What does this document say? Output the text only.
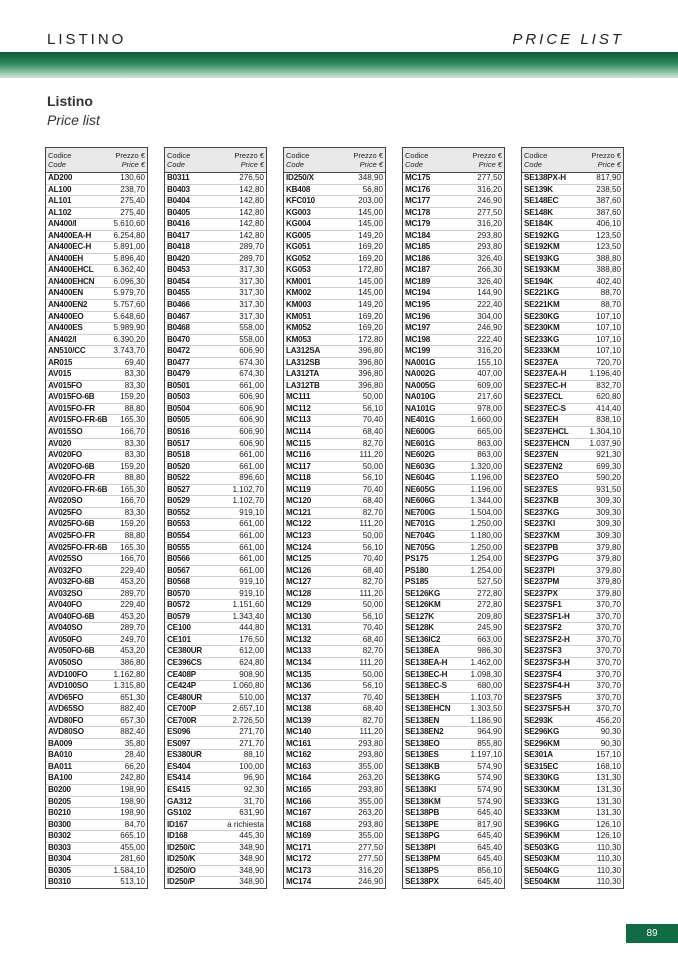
LISTINO	PRICE LIST
Listino
Price list
Codice
Code
Prezzo €
Price €
AD200	130,60
AL100	238,70
AL101	275,40
AL102	275,40
AN400/I	5.610,60
AN400EA-H	6.254,80
AN400EC-H	5.891,00
AN400EH	5.896,40
AN400EHCL 6.362,40
AN400EHCN 6.096,30
AN400EN	5.979,70
AN400EN2	5.757,60
AN400EO	5.648,60
AN400ES	5.989,90
AN402/I	6.390,20
AN510/CC	3.743,70
AR015	69,40
AV015	83,30
AV015FO	83,30
AV015FO-6B	159,20
AV015FO-FR	88,80
AV015FO-FR-6B 165,30
AV015SO	166,70
AV020	83,30
AV020FO	83,30
AV020FO-6B	159,20
AV020FO-FR	88,80
AV020FO-FR-6B 165,30
AV020SO	166,70
AV025FO	83,30
AV025FO-6B	159,20
AV025FO-FR	88,80
AV025FO-FR-6B 165,30
AV025SO	166,70
AV032FO	229,40
AV032FO-6B	453,20
AV032SO	289,70
AV040FO	229,40
AV040FO-6B	453,20
AV040SO	289,70
AV050FO	249,70
AV050FO-6B	453,20
AV050SO	386,80
AVD100FO	1.162,80
AVD100SO	1.315,80
AVD65FO	651,30
AVD65SO	882,40
AVD80FO	657,30
AVD80SO	882,40
BA009	35,80
BA010	28,40
BA011	66,20
BA100	242,80
B0200	198,90
B0205	198,90
B0210	198,90
B0300	84,70
B0302	665,10
B0303	455,00
B0304	281,60
B0305	1.584,10
B0310	513,10
Codice
Code
Prezzo €
Price €
B0311	276,50
B0403	142,80
B0404	142,80
B0405	142,80
B0416	142,80
B0417	142,80
B0418	289,70
B0420	289,70
B0453	317,30
B0454	317,30
B0455	317,30
B0466	317,30
B0467	317,30
B0468	558,00
B0470	558,00
B0472	606,90
B0477	674,30
B0479	674,30
B0501	661,00
B0503	606,90
B0504	606,90
B0505	606,90
B0516	606,90
B0517	606,90
B0518	661,00
B0520	661,00
B0522	896,60
B0527	1.102,70
B0529	1.102,70
B0552	919,10
B0553	661,00
B0554	661,00
B0555	661,00
B0566	661,00
B0567	661,00
B0568	919,10
B0570	919,10
B0572	1.151,60
B0579	1.343,40
CE100	444,80
CE101	176,50
CE380UR	612,00
CE396CS	624,80
CE408P	908,90
CE424P	1.060,80
CE480UR	510,00
CE700P	2.657,10
CE700R	2.726,50
ES096	271,70
ES097	271,70
ES380UR	88,10
ES404	100,00
ES414	96,90
ES415	92,30
GA312	31,70
GS102	631,90
ID167	a richiesta
ID168	445,30
ID250/C	348,90
ID250/K	348,90
ID250/O	348,90
ID250/P	348,90
Codice
Code
Prezzo €
Price €
ID250/X	348,90
KB408	56,80
KFC010	203,00
KG003	145,00
KG004	145,00
KG005	149,20
KG051	169,20
KG052	169,20
KG053	172,80
KM001	145,00
KM002	145,00
KM003	149,20
KM051	169,20
KM052	169,20
KM053	172,80
LA312SA	396,80
LA312SB	396,80
LA312TA	396,80
LA312TB	396,80
MC111	50,00
MC112	56,10
MC113	70,40
MC114	68,40
MC115	82,70
MC116	111,20
MC117	50,00
MC118	56,10
MC119	70,40
MC120	68,40
MC121	82,70
MC122	111,20
MC123	50,00
MC124	56,10
MC125	70,40
MC126	68,40
MC127	82,70
MC128	111,20
MC129	50,00
MC130	56,10
MC131	70,40
MC132	68,40
MC133	82,70
MC134	111,20
MC135	50,00
MC136	56,10
MC137	70,40
MC138	68,40
MC139	82,70
MC140	111,20
MC161	293,80
MC162	293,80
MC163	355,00
MC164	263,20
MC165	293,80
MC166	355,00
MC167	263,20
MC168	293,80
MC169	355,00
MC171	277,50
MC172	277,50
MC173	316,20
MC174	246,90
Codice
Code
Prezzo €
Price €
MC175	277,50
MC176	316,20
MC177	246,90
MC178	277,50
MC179	316,20
MC184	293,80
MC185	293,80
MC186	326,40
MC187	266,30
MC189	326,40
MC194	144,90
MC195	222,40
MC196	304,00
MC197	246,90
MC198	222,40
MC199	316,20
NA001G	155,10
NA002G	407,00
NA005G	609,00
NA010G	217,60
NA101G	978,00
NE401G	1.660,00
NE600G	665,00
NE601G	863,00
NE602G	863,00
NE603G	1.320,00
NE604G	1.196,00
NE605G	1.196,00
NE606G	1.344,00
NE700G	1.504,00
NE701G	1.250,00
NE704G	1.180,00
NE705G	1.250,00
PS175	1.254,00
PS180	1.254,00
PS185	527,50
SE126KG	272,80
SE126KM	272,80
SE127K	209,80
SE128K	245,90
SE136IC2	663,00
SE138EA	986,30
SE138EA-H	1.462,00
SE138EC-H	1.098,30
SE138EC-S	680,00
SE138EH	1.103,70
SE138EHCN 1.303,50
SE138EN	1.186,90
SE138EN2	964,90
SE138EO	855,80
SE138ES	1.197,10
SE138KB	574,90
SE138KG	574,90
SE138KI	574,90
SE138KM	574,90
SE138PB	645,40
SE138PE	817,90
SE138PG	645,40
SE138PI	645,40
SE138PM	645,40
SE138PS	856,10
SE138PX	645,40
Codice
Code
Prezzo €
Price €
SE138PX-H	817,90
SE139K	238,50
SE148EC	387,60
SE148K	387,60
SE184K	406,10
SE192KG	123,50
SE192KM	123,50
SE193KG	388,80
SE193KM	388,80
SE194K	402,40
SE221KG	88,70
SE221KM	88,70
SE230KG	107,10
SE230KM	107,10
SE233KG	107,10
SE233KM	107,10
SE237EA	720,70
SE237EA-H	1.196,40
SE237EC-H	832,70
SE237ECL	620,80
SE237EC-S	414,40
SE237EH	838,10
SE237EHCL	1.304,10
SE237EHCN 1.037,90
SE237EN	921,30
SE237EN2	699,30
SE237EO	590,20
SE237ES	931,50
SE237KB	309,30
SE237KG	309,30
SE237KI	309,30
SE237KM	309,30
SE237PB	379,80
SE237PG	379,80
SE237PI	379,80
SE237PM	379,80
SE237PX	379,80
SE237SF1	370,70
SE237SF1-H	370,70
SE237SF2	370,70
SE237SF2-H	370,70
SE237SF3	370,70
SE237SF3-H	370,70
SE237SF4	370,70
SE237SF4-H	370,70
SE237SF5	370,70
SE237SF5-H	370,70
SE293K	456,20
SE296KG	90,30
SE296KM	90,30
SE301A	157,10
SE315EC	168,10
SE330KG	131,30
SE330KM	131,30
SE333KG	131,30
SE333KM	131,30
SE396KG	126,10
SE396KM	126,10
SE503KG	110,30
SE503KM	110,30
SE504KG	110,30
SE504KM	110,30
89
